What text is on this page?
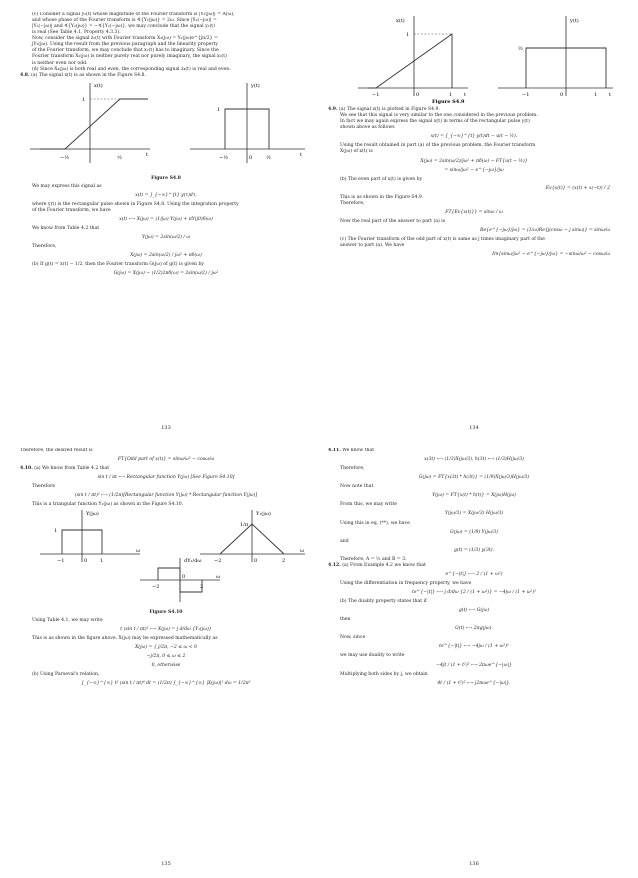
(c) Consider a signal y₂(t) whose magnitude of the Fourier transform is |Y₂(jω)| = A(ω),

and whose phase of the Fourier transform is ∢{Y₂(jω)} = 2ω. Since |Y₂(−jω)| =

|Y₂(−jω)| and ∢{Y₂(jω)} = −∢{Y₂(−jω)}, we may conclude that the signal y₂(t)

is real (See Table 4.1, Property 4.3.3).

Now, consider the signal z₂(t) with Fourier transform X₂(jω) = Y₂(jω)e^{jπ/2} =

jY₂(jω). Using the result from the previous paragraph and the linearity property

of the Fourier transform, we may conclude that x₂(t) has to imaginary. Since the

Fourier transform X₂(jω) is neither purely real nor purely imaginary, the signal x₂(t)

is neither even nor odd.

(d) Since X₄(jω) is both real and even, the corresponding signal z₄(t) is real and even.

4.8. (a) The signal x(t) is as shown in the Figure S4.8.

x(t)
1
−½	½	t
y(t)
1
0
−½	½	t

Figure S4.8

We may express this signal as

x(t) = ∫_{−∞}^{t} y(τ)dτ,

where y(t) is the rectangular pulse shown in Figure S4.8. Using the integration property

of the Fourier transform, we have

x(t) ⟷ X(jω) = (1/jω) Y(jω) + πY(j0)δ(ω)

We know from Table 4.2 that

Y(jω) = 2sin(ω/2) / ω

Therefore,

X(jω) = 2sin(ω/2) / jω² + πδ(ω)

(b) If g(t) = x(t) − 1/2, then the Fourier transform G(jω) of g(t) is given by

G(jω) = X(jω) − (1/2)2πδ(ω) = 2sin(ω/2) / jω²

133
x(t)
1
−1	0	1 t
y(t)
½
−1	0	1 t
Figure S4.9

4.9. (a) The signal x(t) is plotted in Figure S4.9.

We see that this signal is very similar to the one considered in the previous problem.

In fact we may again express the signal x(t) in terms of the rectangular pulse y(t)

shown above as follows

x(t) = ∫_{−∞}^{t} y(t)dt − u(t − ½).

Using the result obtained in part (a) of the previous problem, the Fourier transform

X(jω) of x(t) is

X(jω) = 2sin(ω/2)/jω² + πδ(ω) − FT{u(t − ½)}

= sinω/jω² − e^{−jω}/jω

(b) The even part of x(t) is given by

Ev{x(t)} = (x(t) + x(−t)) / 2

This is as shown in the Figure S4.9.

Therefore,

FT{Ev{x(t)}} = sinω / ω

Now the real part of the answer to part (a) is

Re{e^{−jω}/jω} = (1/ω)Re{j(cosω − j sinω)} = sinω/ω

(c) The Fourier transform of the odd part of x(t) is same as j times imaginary part of the

answer to part (a). We have

Im{sinω/jω² − e^{−jω}/jω} = −sinω/ω² − cosω/ω

134

Therefore, the desired result is

FT{Odd part of x(t)} = sinω/ω² − cosω/ω

4.10. (a) We know from Table 4.2 that

sin t / πt ⟷ Rectangular function Y(jω) [See Figure S4.10]

Therefore

(sin t / πt)² ⟷ (1/2π)[Rectangular function Y(jω) * Rectangular function Y(jω)]

This is a triangular function Y₁(jω) as shown in the Figure S4.10.

Y(jω)
1
−1	0	1
ω
Y₁(jω)
−2	0	2
ω
1/π
dY₁/dω
−2
0
2
ω

Figure S4.10

Using Table 4.1, we may write

t (sin t / πt)² ⟷ X(jω) = j d/dω {Y₁(jω)}

This is as shown in the figure above. X(jω) may be expressed mathematically as

X(jω) = { j/2π, −2 ≤ ω < 0

−j/2π, 0 ≤ ω ≤ 2

0, otherwise

(b) Using Parseval's relation,

∫_{−∞}^{∞} t² (sin t / πt)⁴ dt = (1/2π) ∫_{−∞}^{∞} |X(jω)|² dω = 1/2π³

135

4.11. We know that

x(3t) ⟷ (1/3)X(jω/3), h(3t) ⟷ (1/3)H(jω/3)

Therefore,

G(jω) = FT{x(3t) * h(3t)} = (1/9)X(jω/3)H(jω/3)

Now note that

Y(jω) = FT{x(t) * h(t)} = X(jω)H(jω)

From this, we may write

Y(jω/3) = X(jω/3) H(jω/3)

Using this in eq. (**), we have

G(jω) = (1/9) Y(jω/3)

and

g(t) = (1/3) y(3t).

Therefore, A = ⅓ and B = 3.

4.12. (a) From Example 4.2 we know that

e^{−|t|} ⟷ 2 / (1 + ω²)

Using the differentiation in frequency property, we have

te^{−|t|} ⟷ j d/dω {2 / (1 + ω²)} = −4jω / (1 + ω²)²

(b) The duality property states that if

g(t) ⟷ G(jω)

then

G(t) ⟷ 2πg(jω).

Now, since

te^{−|t|} ⟷ −4jω / (1 + ω²)²

we may use duality to write

−4jt / (1 + t²)² ⟷ 2πωe^{−|ω|}

Multiplying both sides by j, we obtain

4t / (1 + t²)² ⟷ j2πωe^{−|ω|}.

136
